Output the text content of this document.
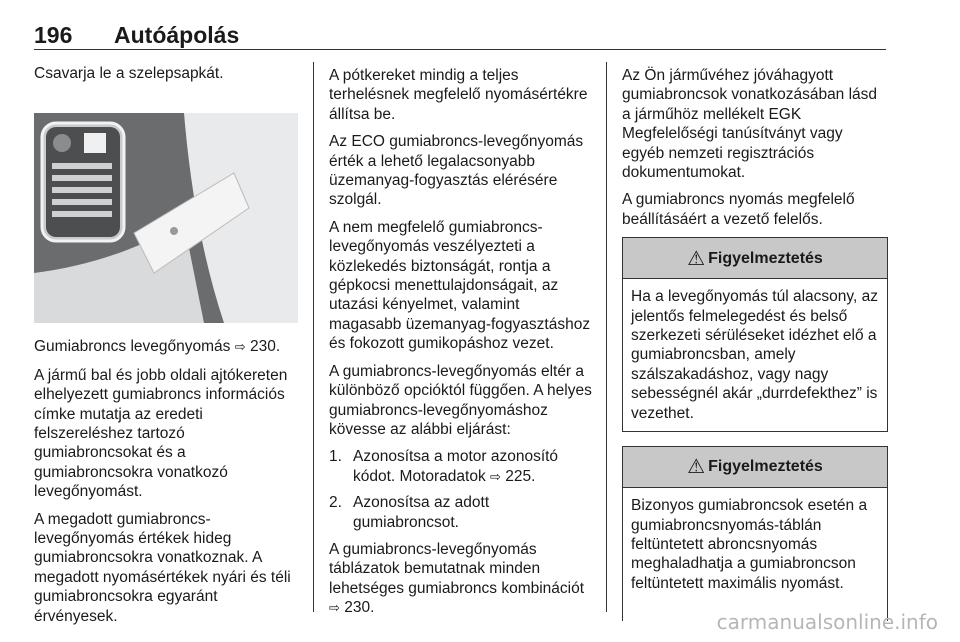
196 Autóápolás

Csavarja le a szelepsapkát.

Gumiabroncs levegőnyomás ⇨ 230.

A jármű bal és jobb oldali ajtókereten elhelyezett gumiabroncs információs címke mutatja az eredeti felszereléshez tartozó gumiabroncsokat és a gumiabroncsokra vonatkozó levegőnyomást.

A megadott gumiabroncs-levegőnyomás értékek hideg gumiabroncsokra vonatkoznak. A megadott nyomásértékek nyári és téli gumiabroncsokra egyaránt érvényesek.

A pótkereket mindig a teljes terhelésnek megfelelő nyomásértékre állítsa be.

Az ECO gumiabroncs-levegőnyomás érték a lehető legalacsonyabb üzemanyag-fogyasztás elérésére szolgál.

A nem megfelelő gumiabroncs-levegőnyomás veszélyezteti a közlekedés biztonságát, rontja a gépkocsi menettulajdonságait, az utazási kényelmet, valamint magasabb üzemanyag-fogyasztáshoz és fokozott gumikopáshoz vezet.

A gumiabroncs-levegőnyomás eltér a különböző opcióktól függően. A helyes gumiabroncs-levegőnyomáshoz kövesse az alábbi eljárást:

1. Azonosítsa a motor azonosító kódot. Motoradatok ⇨ 225.
2. Azonosítsa az adott gumiabroncsot.

A gumiabroncs-levegőnyomás táblázatok bemutatnak minden lehetséges gumiabroncs kombinációt ⇨ 230.

Az Ön járművéhez jóváhagyott gumiabroncsok vonatkozásában lásd a járműhöz mellékelt EGK Megfelelőségi tanúsítványt vagy egyéb nemzeti regisztrációs dokumentumokat.

A gumiabroncs nyomás megfelelő beállításáért a vezető felelős.

⚠ Figyelmeztetés
Ha a levegőnyomás túl alacsony, az jelentős felmelegedést és belső szerkezeti sérüléseket idézhet elő a gumiabroncsban, amely szálszakadáshoz, vagy nagy sebességnél akár „durrdefekthez” is vezethet.
⚠ Figyelmeztetés
Bizonyos gumiabroncsok esetén a gumiabroncsnyomás-táblán feltüntetett abroncsnyomás meghaladhatja a gumiabroncson feltüntetett maximális nyomást.
carmanualsonline.info
